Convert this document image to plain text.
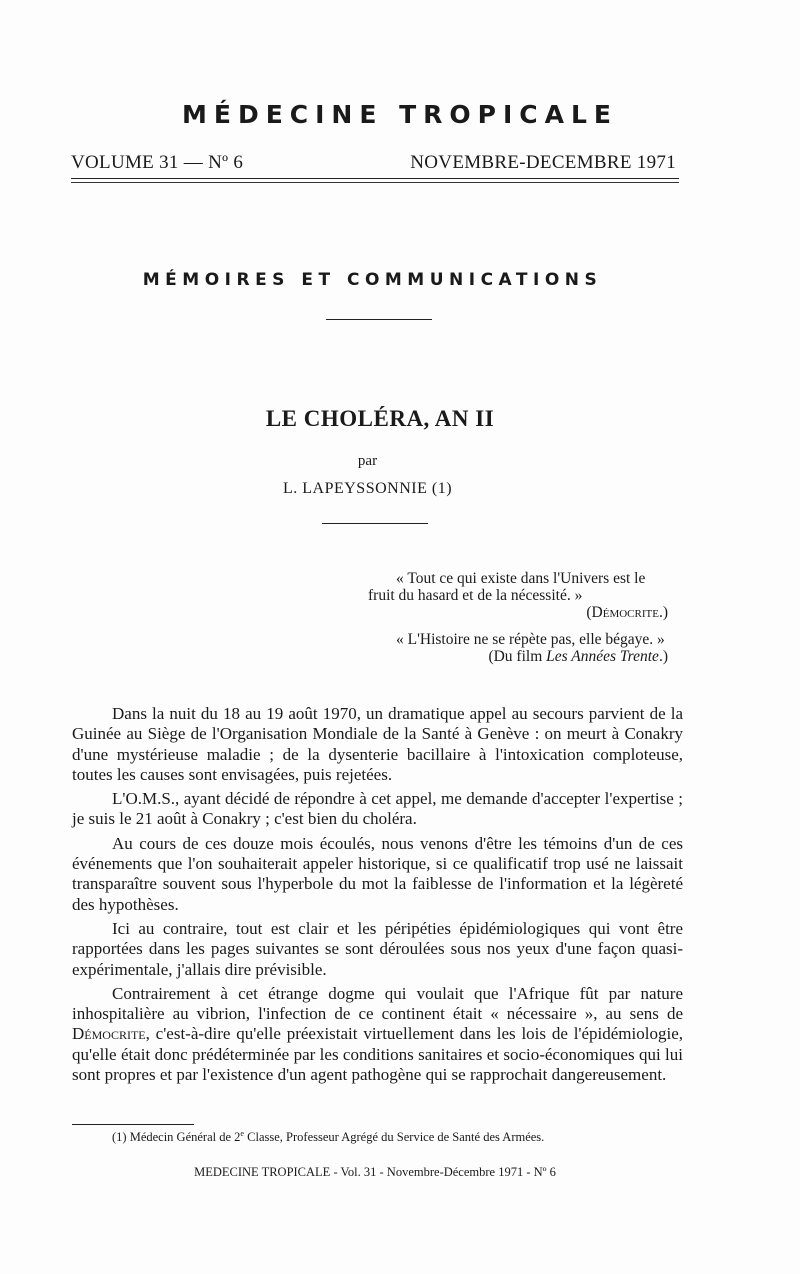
MÉDECINE TROPICALE
VOLUME 31 — Nº 6	NOVEMBRE-DECEMBRE 1971
MÉMOIRES ET COMMUNICATIONS
LE CHOLÉRA, AN II
par
L. LAPEYSSONNIE (1)
« Tout ce qui existe dans l'Univers est le
fruit du hasard et de la nécessité. »
(Démocrite.)
« L'Histoire ne se répète pas, elle bégaye. »
(Du film Les Années Trente.)

Dans la nuit du 18 au 19 août 1970, un dramatique appel au secours parvient de la Guinée au Siège de l'Organisation Mondiale de la Santé à Genève : on meurt à Conakry d'une mystérieuse maladie ; de la dysenterie bacillaire à l'intoxication comploteuse, toutes les causes sont envisagées, puis rejetées.

L'O.M.S., ayant décidé de répondre à cet appel, me demande d'accepter l'expertise ; je suis le 21 août à Conakry ; c'est bien du choléra.

Au cours de ces douze mois écoulés, nous venons d'être les témoins d'un de ces événements que l'on souhaiterait appeler historique, si ce qualificatif trop usé ne laissait transparaître souvent sous l'hyperbole du mot la faiblesse de l'information et la légèreté des hypothèses.

Ici au contraire, tout est clair et les péripéties épidémiologiques qui vont être rapportées dans les pages suivantes se sont déroulées sous nos yeux d'une façon quasi-expérimentale, j'allais dire prévisible.

Contrairement à cet étrange dogme qui voulait que l'Afrique fût par nature inhospitalière au vibrion, l'infection de ce continent était « nécessaire », au sens de Démocrite, c'est-à-dire qu'elle préexistait virtuellement dans les lois de l'épidémiologie, qu'elle était donc prédéterminée par les conditions sanitaires et socio-économiques qui lui sont propres et par l'existence d'un agent pathogène qui se rapprochait dangereusement.

(1) Médecin Général de 2e Classe, Professeur Agrégé du Service de Santé des Armées.
MEDECINE TROPICALE - Vol. 31 - Novembre-Décembre 1971 - Nº 6
